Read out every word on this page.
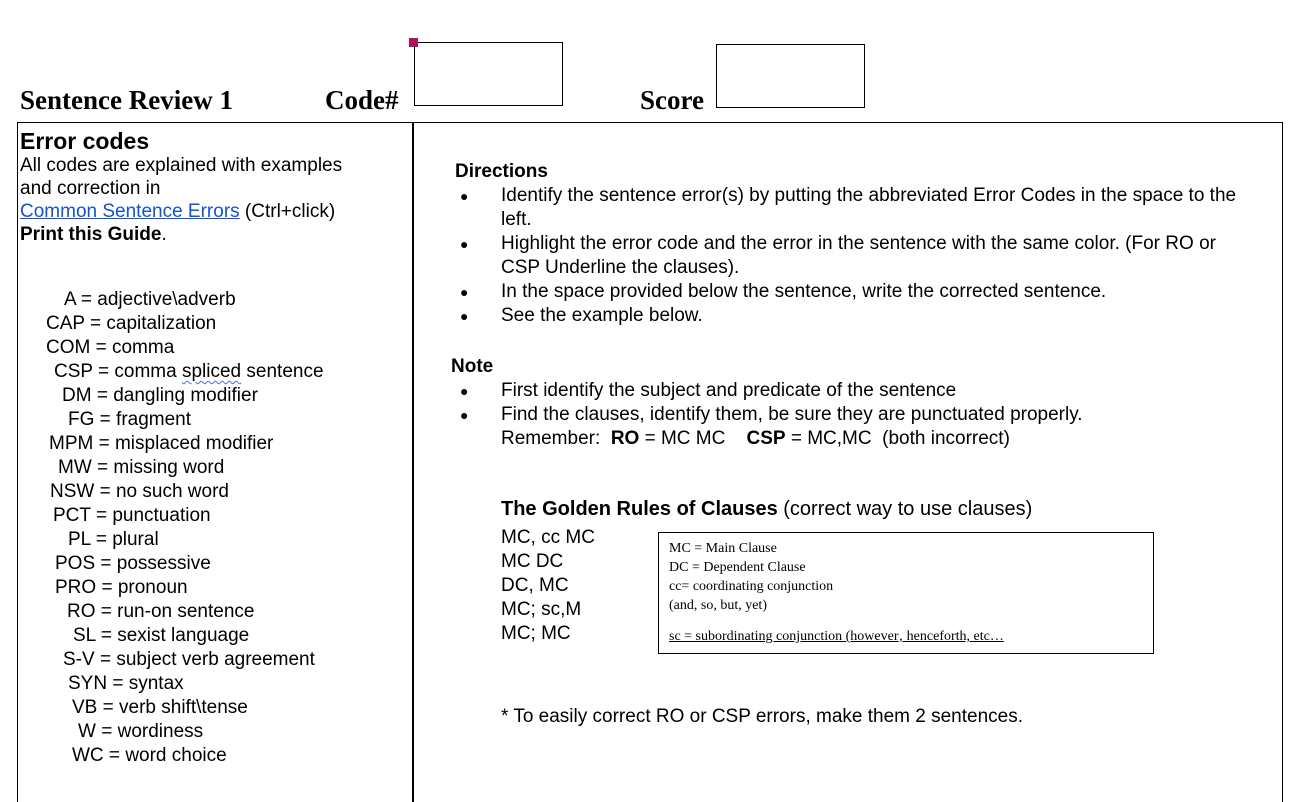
Sentence Review 1	Code#	Score
Error codes
All codes are explained with examples
and correction in
Common Sentence Errors (Ctrl+click)
Print this Guide.
A = adjective\adverb
CAP = capitalization
COM = comma
CSP = comma spliced sentence
DM = dangling modifier
FG = fragment
MPM = misplaced modifier
MW = missing word
NSW = no such word
PCT = punctuation
PL = plural
POS = possessive
PRO = pronoun
RO = run-on sentence
SL = sexist language
S-V = subject verb agreement
SYN = syntax
VB = verb shift\tense
W = wordiness
WC = word choice
Directions
● Identify the sentence error(s) by putting the abbreviated Error Codes in the space to the left.
● Highlight the error code and the error in the sentence with the same color. (For RO or CSP Underline the clauses).
● In the space provided below the sentence, write the corrected sentence.
● See the example below.
Note
● First identify the subject and predicate of the sentence
● Find the clauses, identify them, be sure they are punctuated properly.
Remember:  RO = MC MC    CSP = MC,MC  (both incorrect)
The Golden Rules of Clauses (correct way to use clauses)
MC, cc MC
MC DC
DC, MC
MC; sc,M
MC; MC
MC = Main Clause
DC = Dependent Clause
cc= coordinating conjunction
(and, so, but, yet)
sc = subordinating conjunction (however‚ henceforth, etc…
* To easily correct RO or CSP errors, make them 2 sentences.
